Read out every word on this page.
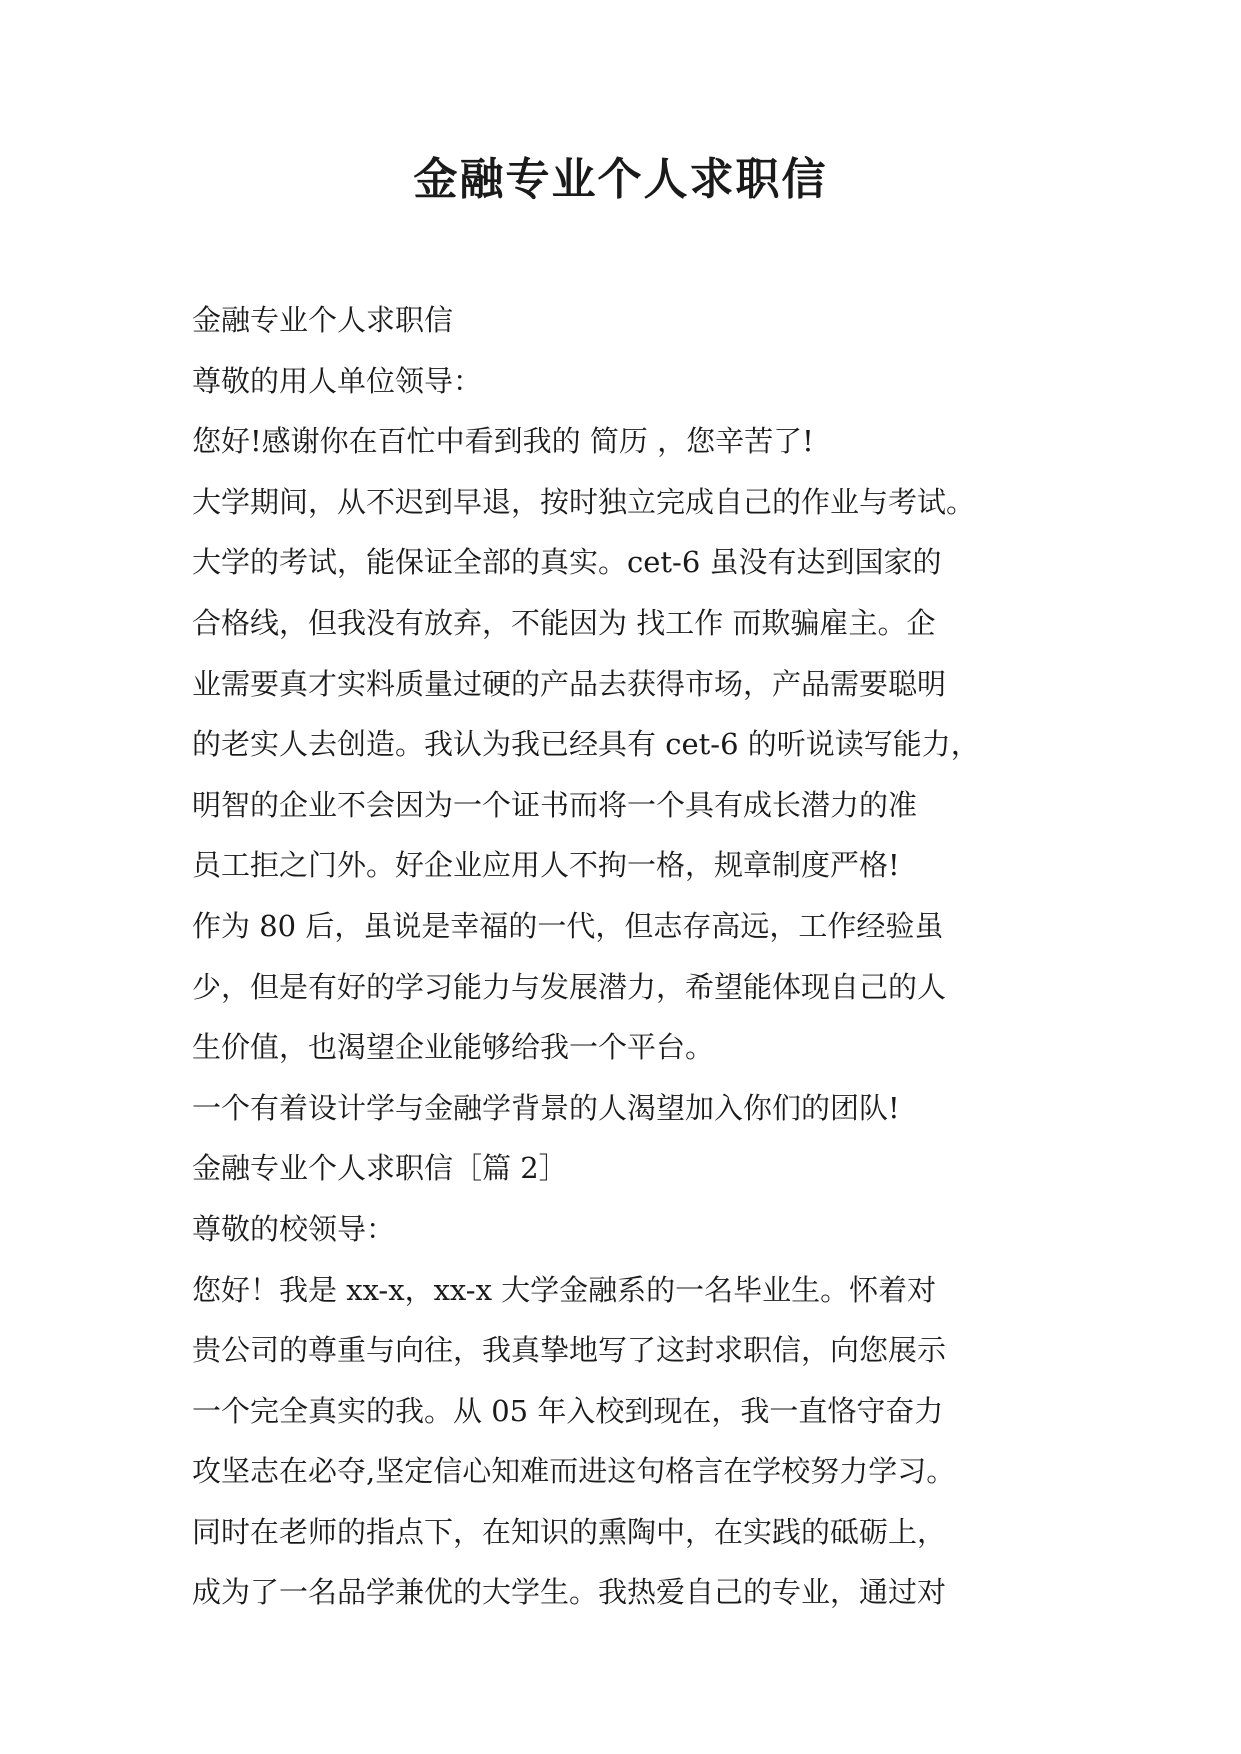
金融专业个人求职信
金融专业个人求职信
尊敬的用人单位领导：
您好!感谢你在百忙中看到我的 简历 ，您辛苦了!
大学期间，从不迟到早退，按时独立完成自己的作业与考试。
大学的考试，能保证全部的真实。cet-6 虽没有达到国家的
合格线，但我没有放弃，不能因为 找工作 而欺骗雇主。企
业需要真才实料质量过硬的产品去获得市场，产品需要聪明
的老实人去创造。我认为我已经具有 cet-6 的听说读写能力，
明智的企业不会因为一个证书而将一个具有成长潜力的准
员工拒之门外。好企业应用人不拘一格，规章制度严格!
作为 80 后，虽说是幸福的一代，但志存高远，工作经验虽
少，但是有好的学习能力与发展潜力，希望能体现自己的人
生价值，也渴望企业能够给我一个平台。
一个有着设计学与金融学背景的人渴望加入你们的团队!
金融专业个人求职信［篇 2］
尊敬的校领导：
您好！我是 xx-x，xx-x 大学金融系的一名毕业生。怀着对
贵公司的尊重与向往，我真挚地写了这封求职信，向您展示
一个完全真实的我。从 05 年入校到现在，我一直恪守奋力
攻坚志在必夺,坚定信心知难而进这句格言在学校努力学习。
同时在老师的指点下，在知识的熏陶中，在实践的砥砺上，
成为了一名品学兼优的大学生。我热爱自己的专业，通过对
